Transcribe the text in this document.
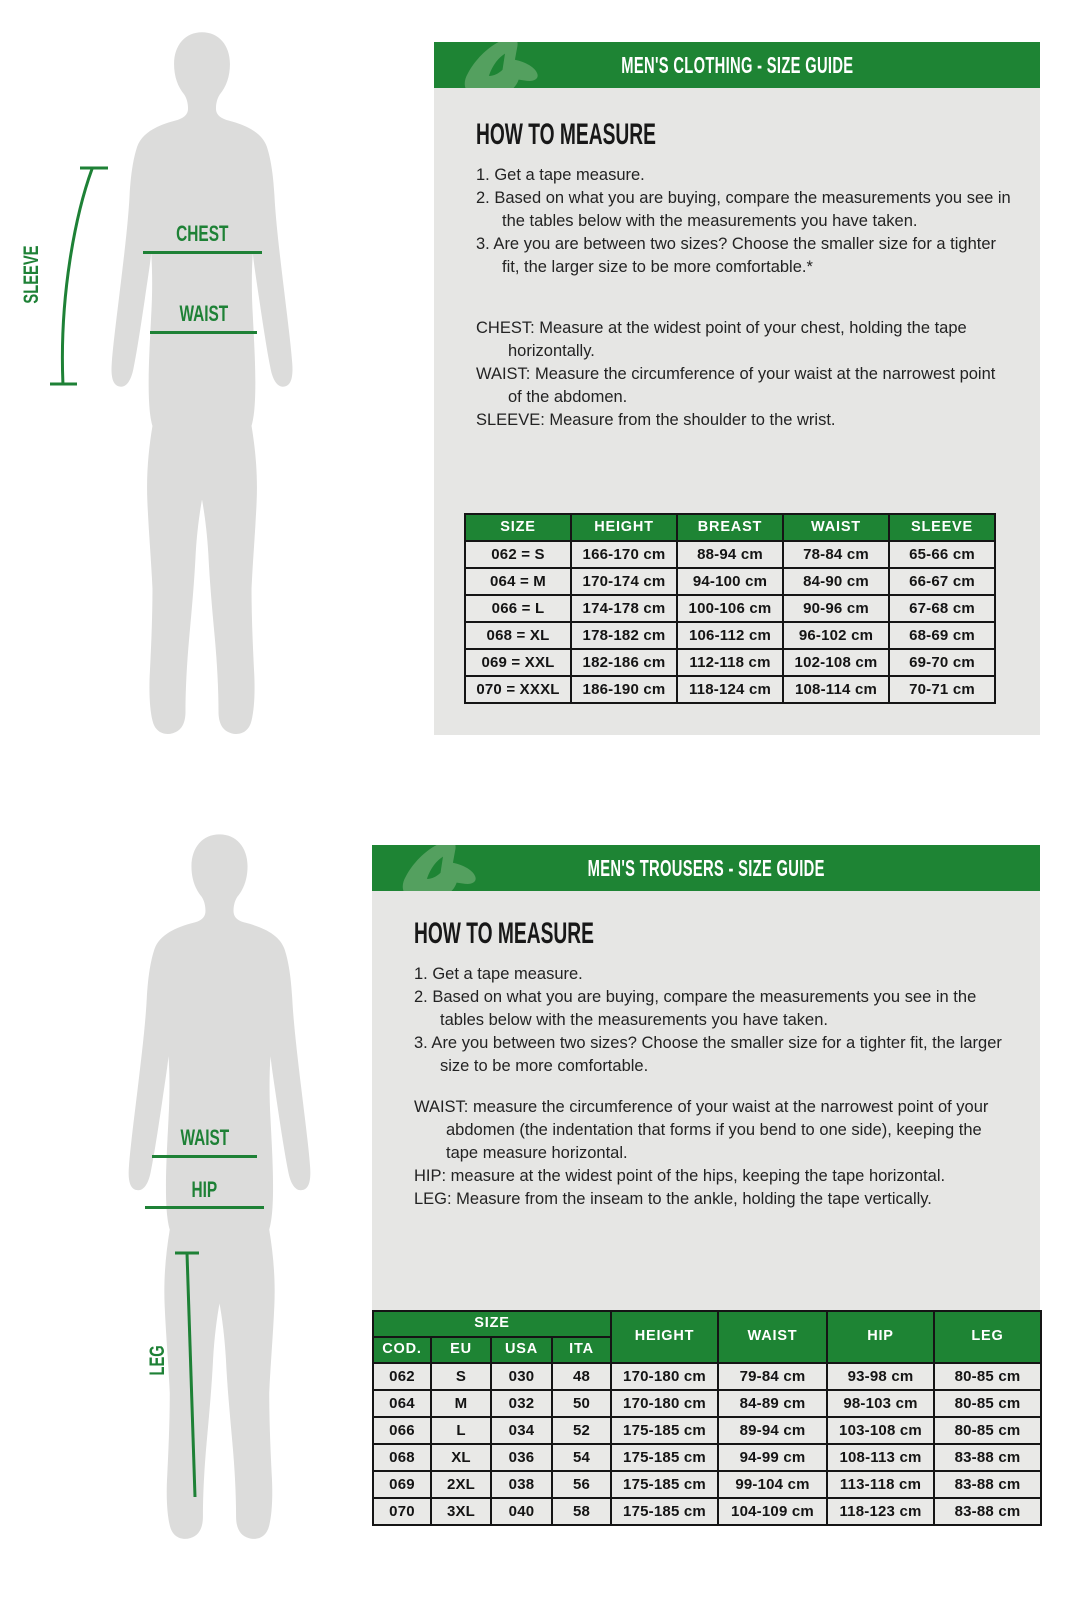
SLEEVE
CHEST
WAIST
MEN'S CLOTHING - SIZE GUIDE
HOW TO MEASURE
1. Get a tape measure.
2. Based on what you are buying, compare the measurements you see in the tables below with the measurements you have taken.
3. Are you are between two sizes? Choose the smaller size for a tighter fit, the larger size to be more comfortable.*
CHEST: Measure at the widest point of your chest, holding the tape horizontally.
WAIST: Measure the circumference of your waist at the narrowest point of the abdomen.
SLEEVE: Measure from the shoulder to the wrist.
SIZE	HEIGHT	BREAST	WAIST	SLEEVE
062 = S	166-170 cm	88-94 cm	78-84 cm	65-66 cm
064 = M	170-174 cm	94-100 cm	84-90 cm	66-67 cm
066 = L	174-178 cm	100-106 cm	90-96 cm	67-68 cm
068 = XL	178-182 cm	106-112 cm	96-102 cm	68-69 cm
069 = XXL	182-186 cm	112-118 cm	102-108 cm	69-70 cm
070 = XXXL	186-190 cm	118-124 cm	108-114 cm	70-71 cm
WAIST
HIP
LEG
MEN'S TROUSERS - SIZE GUIDE
HOW TO MEASURE
1. Get a tape measure.
2. Based on what you are buying, compare the measurements you see in the tables below with the measurements you have taken.
3. Are you between two sizes? Choose the smaller size for a tighter fit, the larger size to be more comfortable.
WAIST: measure the circumference of your waist at the narrowest point of your abdomen (the indentation that forms if you bend to one side), keeping the tape measure horizontal.
HIP: measure at the widest point of the hips, keeping the tape horizontal.
LEG: Measure from the inseam to the ankle, holding the tape vertically.
SIZE				HEIGHT	WAIST	HIP	LEG
COD.	EU	USA	ITA				
062	S	030	48	170-180 cm	79-84 cm	93-98 cm	80-85 cm
064	M	032	50	170-180 cm	84-89 cm	98-103 cm	80-85 cm
066	L	034	52	175-185 cm	89-94 cm	103-108 cm	80-85 cm
068	XL	036	54	175-185 cm	94-99 cm	108-113 cm	83-88 cm
069	2XL	038	56	175-185 cm	99-104 cm	113-118 cm	83-88 cm
070	3XL	040	58	175-185 cm	104-109 cm	118-123 cm	83-88 cm
